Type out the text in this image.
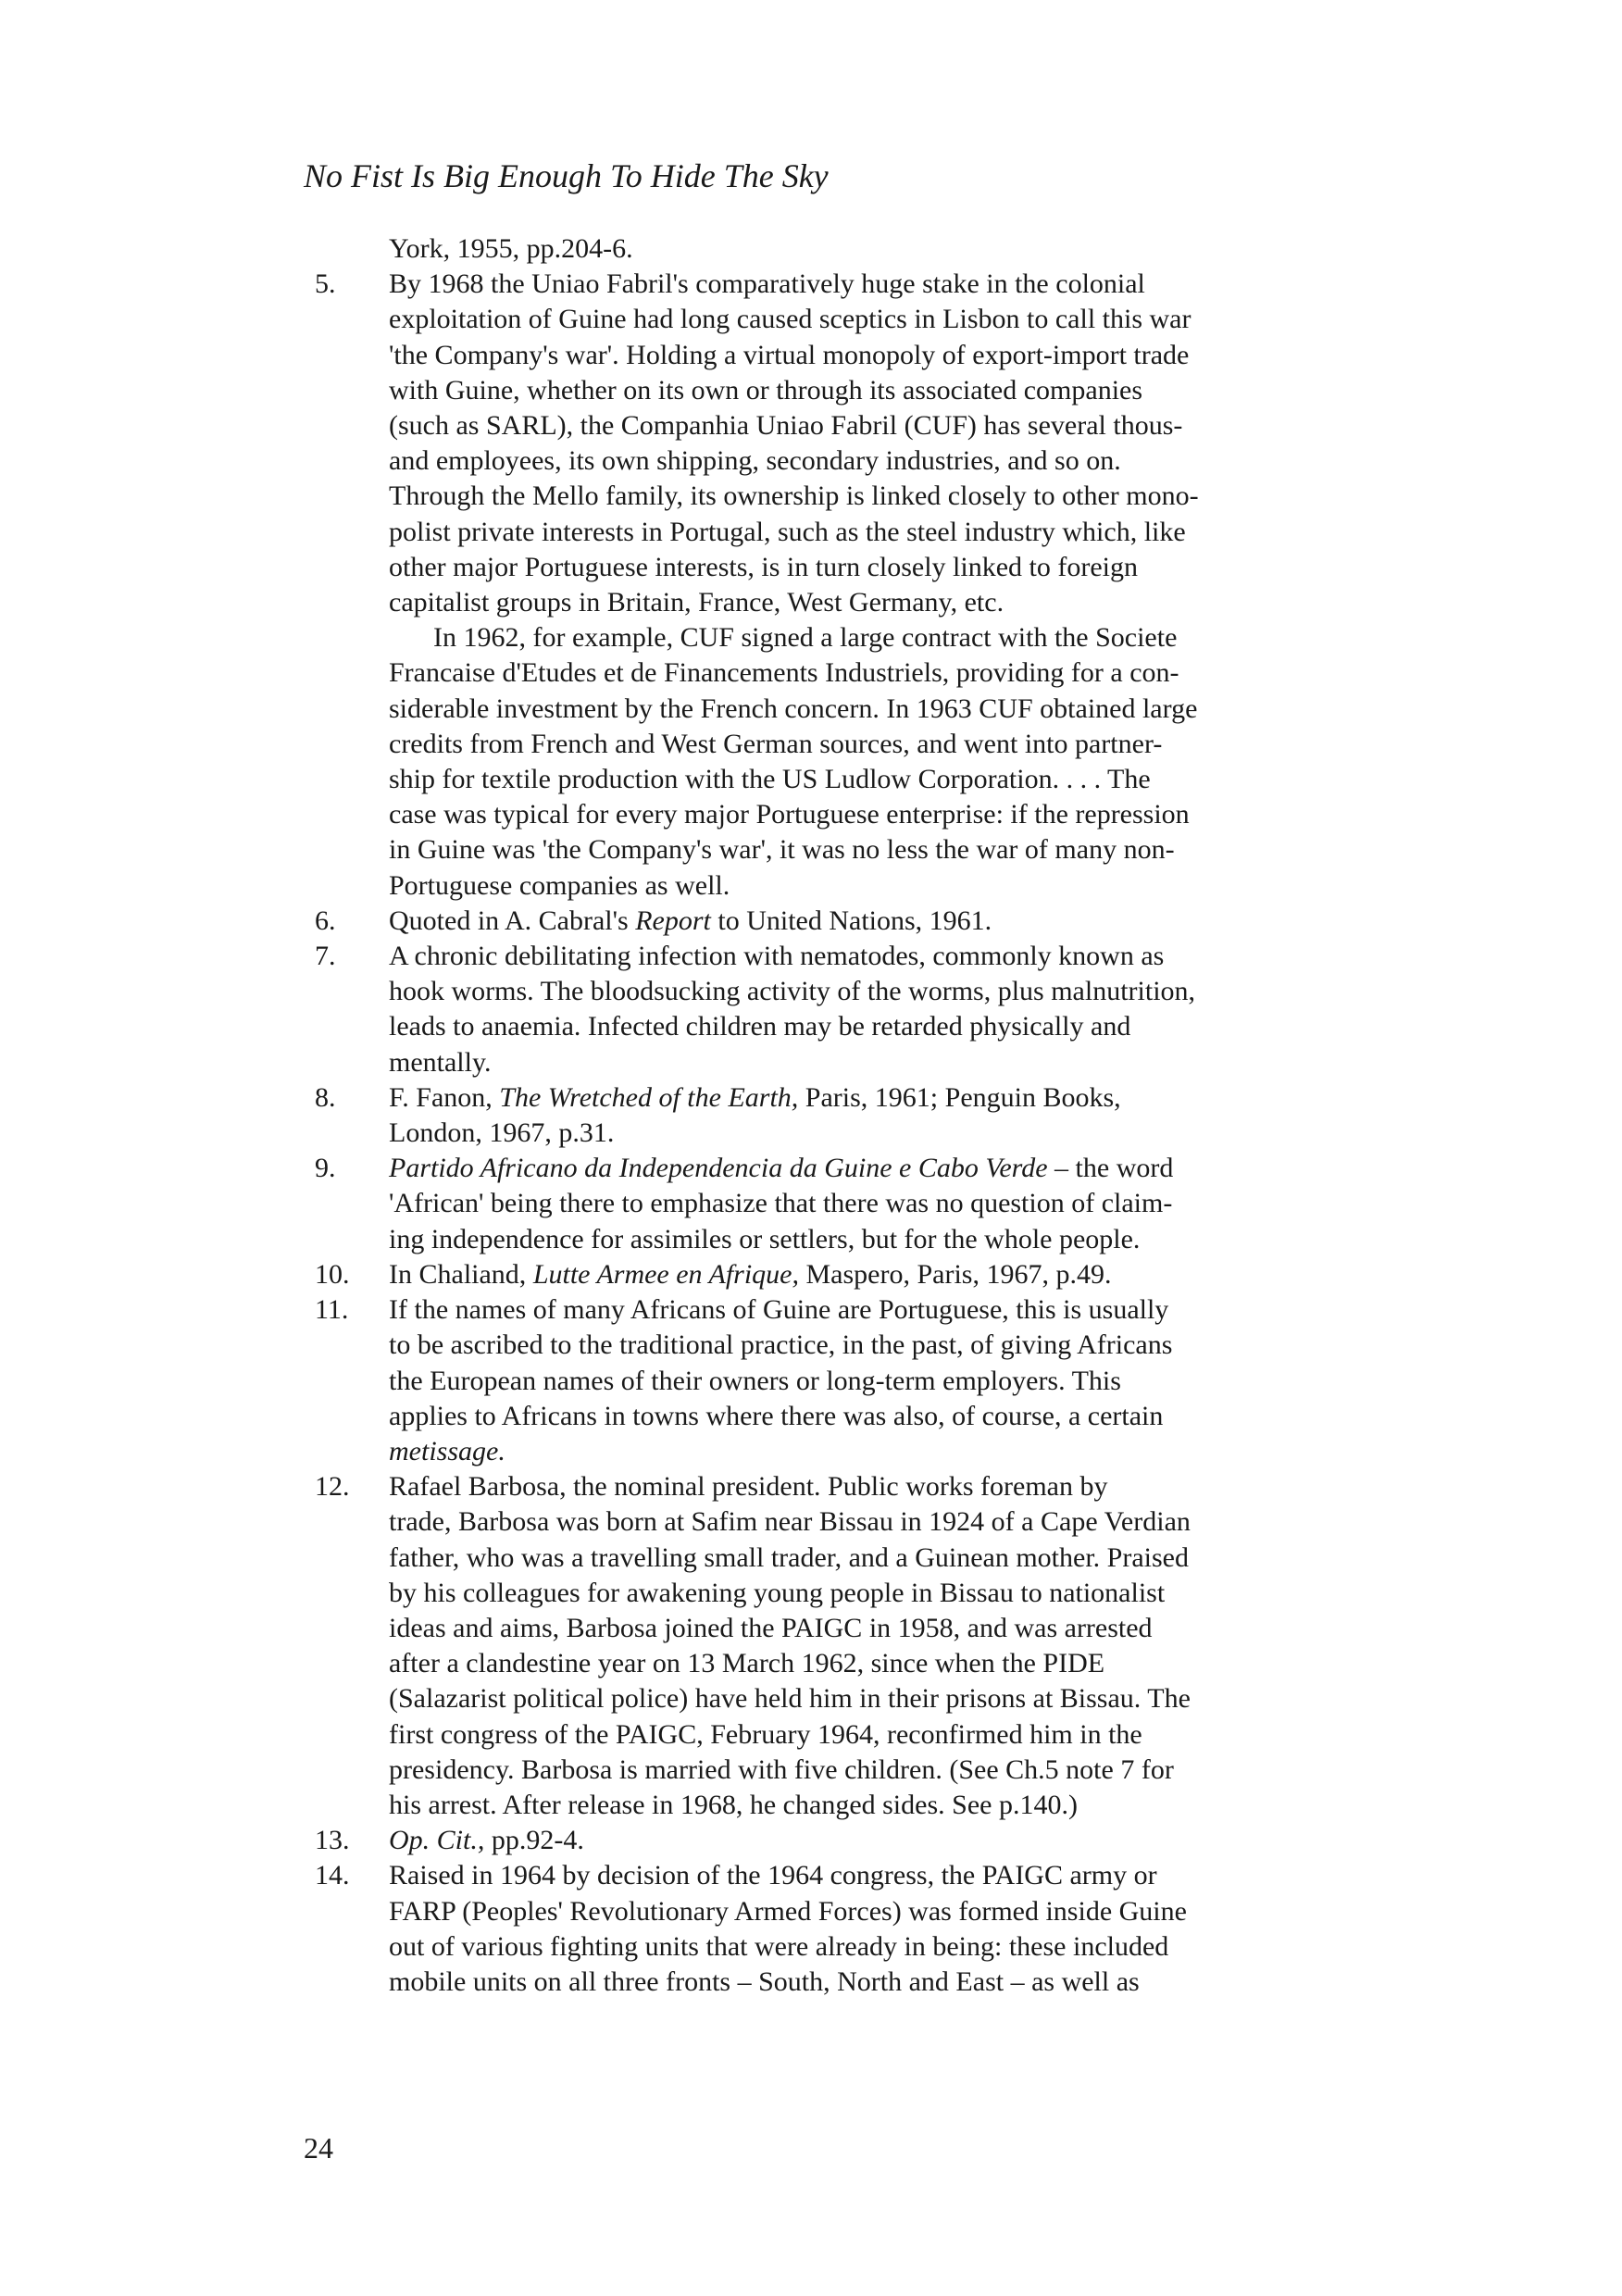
No Fist Is Big Enough To Hide The Sky

York, 1955, pp.204-6.

5.	By 1968 the Uniao Fabril's comparatively huge stake in the colonial
exploitation of Guine had long caused sceptics in Lisbon to call this war
'the Company's war'. Holding a virtual monopoly of export-import trade
with Guine, whether on its own or through its associated companies
(such as SARL), the Companhia Uniao Fabril (CUF) has several thous-
and employees, its own shipping, secondary industries, and so on.
Through the Mello family, its ownership is linked closely to other mono-
polist private interests in Portugal, such as the steel industry which, like
other major Portuguese interests, is in turn closely linked to foreign
capitalist groups in Britain, France, West Germany, etc.
In 1962, for example, CUF signed a large contract with the Societe
Francaise d'Etudes et de Financements Industriels, providing for a con-
siderable investment by the French concern. In 1963 CUF obtained large
credits from French and West German sources, and went into partner-
ship for textile production with the US Ludlow Corporation. . . . The
case was typical for every major Portuguese enterprise: if the repression
in Guine was 'the Company's war', it was no less the war of many non-
Portuguese companies as well.
6.	Quoted in A. Cabral's Report to United Nations, 1961.
7.	A chronic debilitating infection with nematodes, commonly known as
hook worms. The bloodsucking activity of the worms, plus malnutrition,
leads to anaemia. Infected children may be retarded physically and
mentally.
8.	F. Fanon, The Wretched of the Earth, Paris, 1961; Penguin Books,
London, 1967, p.31.
9.	Partido Africano da Independencia da Guine e Cabo Verde – the word
'African' being there to emphasize that there was no question of claim-
ing independence for assimiles or settlers, but for the whole people.
10.	In Chaliand, Lutte Armee en Afrique, Maspero, Paris, 1967, p.49.
11.	If the names of many Africans of Guine are Portuguese, this is usually
to be ascribed to the traditional practice, in the past, of giving Africans
the European names of their owners or long-term employers. This
applies to Africans in towns where there was also, of course, a certain
metissage.
12.	Rafael Barbosa, the nominal president. Public works foreman by
trade, Barbosa was born at Safim near Bissau in 1924 of a Cape Verdian
father, who was a travelling small trader, and a Guinean mother. Praised
by his colleagues for awakening young people in Bissau to nationalist
ideas and aims, Barbosa joined the PAIGC in 1958, and was arrested
after a clandestine year on 13 March 1962, since when the PIDE
(Salazarist political police) have held him in their prisons at Bissau. The
first congress of the PAIGC, February 1964, reconfirmed him in the
presidency. Barbosa is married with five children. (See Ch.5 note 7 for
his arrest. After release in 1968, he changed sides. See p.140.)
13.	Op. Cit., pp.92-4.
14.	Raised in 1964 by decision of the 1964 congress, the PAIGC army or
FARP (Peoples' Revolutionary Armed Forces) was formed inside Guine
out of various fighting units that were already in being: these included
mobile units on all three fronts – South, North and East – as well as
24
